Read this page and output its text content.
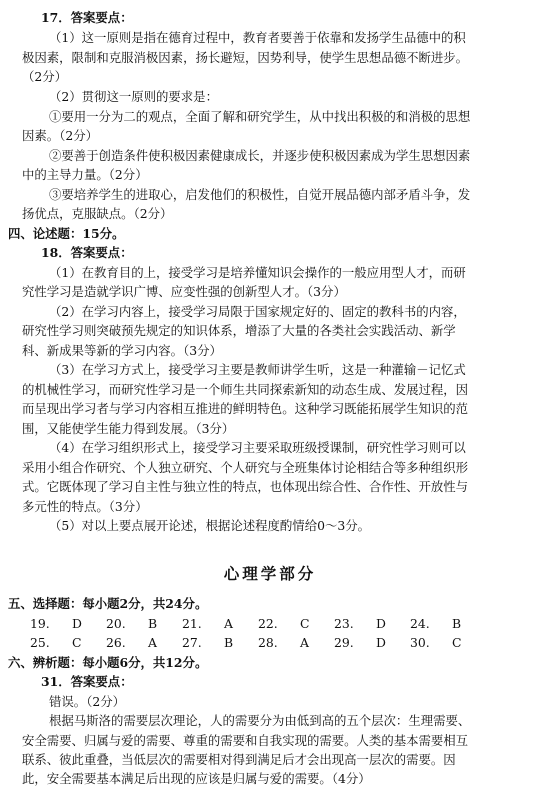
17．答案要点：
（1）这一原则是指在德育过程中，教育者要善于依靠和发扬学生品德中的积
极因素，限制和克服消极因素，扬长避短，因势利导，使学生思想品德不断进步。
（2分）
（2）贯彻这一原则的要求是：
①要用一分为二的观点，全面了解和研究学生，从中找出积极的和消极的思想
因素。（2分）
②要善于创造条件使积极因素健康成长，并逐步使积极因素成为学生思想因素
中的主导力量。（2分）
③要培养学生的进取心，启发他们的积极性，自觉开展品德内部矛盾斗争，发
扬优点，克服缺点。（2分）
四、论述题：15分。
18．答案要点：
（1）在教育目的上，接受学习是培养懂知识会操作的一般应用型人才，而研
究性学习是造就学识广博、应变性强的创新型人才。（3分）
（2）在学习内容上，接受学习局限于国家规定好的、固定的教科书的内容，
研究性学习则突破预先规定的知识体系，增添了大量的各类社会实践活动、新学
科、新成果等新的学习内容。（3分）
（3）在学习方式上，接受学习主要是教师讲学生听，这是一种灌输－记忆式
的机械性学习，而研究性学习是一个师生共同探索新知的动态生成、发展过程，因
而呈现出学习者与学习内容相互推进的鲜明特色。这种学习既能拓展学生知识的范
围，又能使学生能力得到发展。（3分）
（4）在学习组织形式上，接受学习主要采取班级授课制，研究性学习则可以
采用小组合作研究、个人独立研究、个人研究与全班集体讨论相结合等多种组织形
式。它既体现了学习自主性与独立性的特点，也体现出综合性、合作性、开放性与
多元性的特点。（3分）
（5）对以上要点展开论述，根据论述程度酌情给0～3分。
心理学部分
五、选择题：每小题2分，共24分。
19.	D 20.	B 21.	A 22.	C 23.	D 24.	B
25.	C 26.	A 27.	B 28.	A 29.	D 30.	C
六、辨析题：每小题6分，共12分。
31．答案要点：
错误。（2分）
根据马斯洛的需要层次理论，人的需要分为由低到高的五个层次：生理需要、
安全需要、归属与爱的需要、尊重的需要和自我实现的需要。人类的基本需要相互
联系、彼此重叠，当低层次的需要相对得到满足后才会出现高一层次的需要。因
此，安全需要基本满足后出现的应该是归属与爱的需要。（4分）
